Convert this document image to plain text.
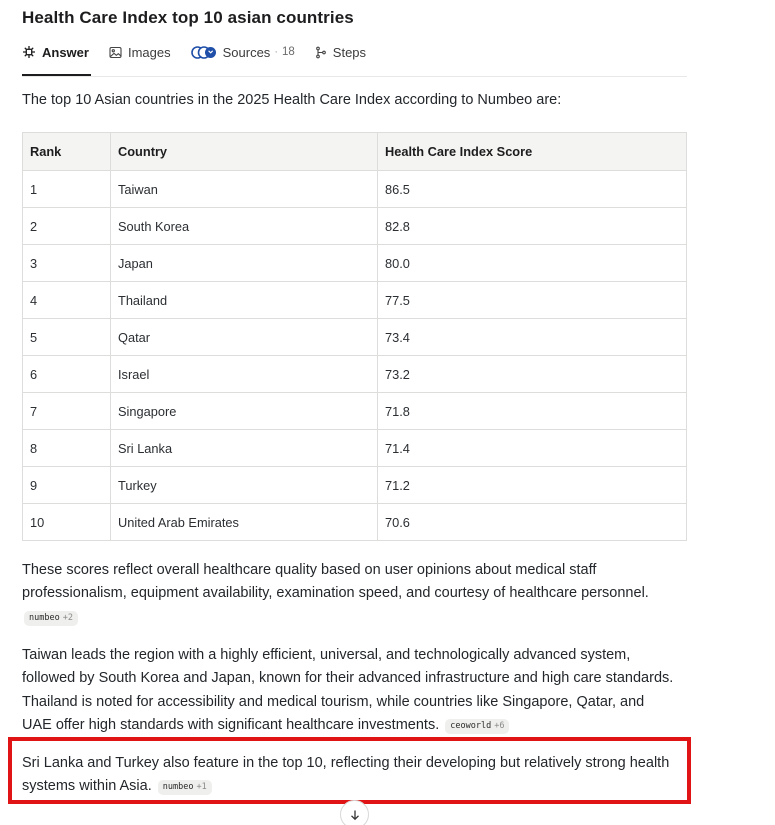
Health Care Index top 10 asian countries
Answer	Images	Sources · 18	Steps

The top 10 Asian countries in the 2025 Health Care Index according to Numbeo are:

Rank	Country	Health Care Index Score
1	Taiwan	86.5
2	South Korea	82.8
3	Japan	80.0
4	Thailand	77.5
5	Qatar	73.4
6	Israel	73.2
7	Singapore	71.8
8	Sri Lanka	71.4
9	Turkey	71.2
10	United Arab Emirates	70.6

These scores reflect overall healthcare quality based on user opinions about medical staff professionalism, equipment availability, examination speed, and courtesy of healthcare personnel. numbeo +2

Taiwan leads the region with a highly efficient, universal, and technologically advanced system, followed by South Korea and Japan, known for their advanced infrastructure and high care standards. Thailand is noted for accessibility and medical tourism, while countries like Singapore, Qatar, and UAE offer high standards with significant healthcare investments. ceoworld +6

Sri Lanka and Turkey also feature in the top 10, reflecting their developing but relatively strong health systems within Asia. numbeo +1
